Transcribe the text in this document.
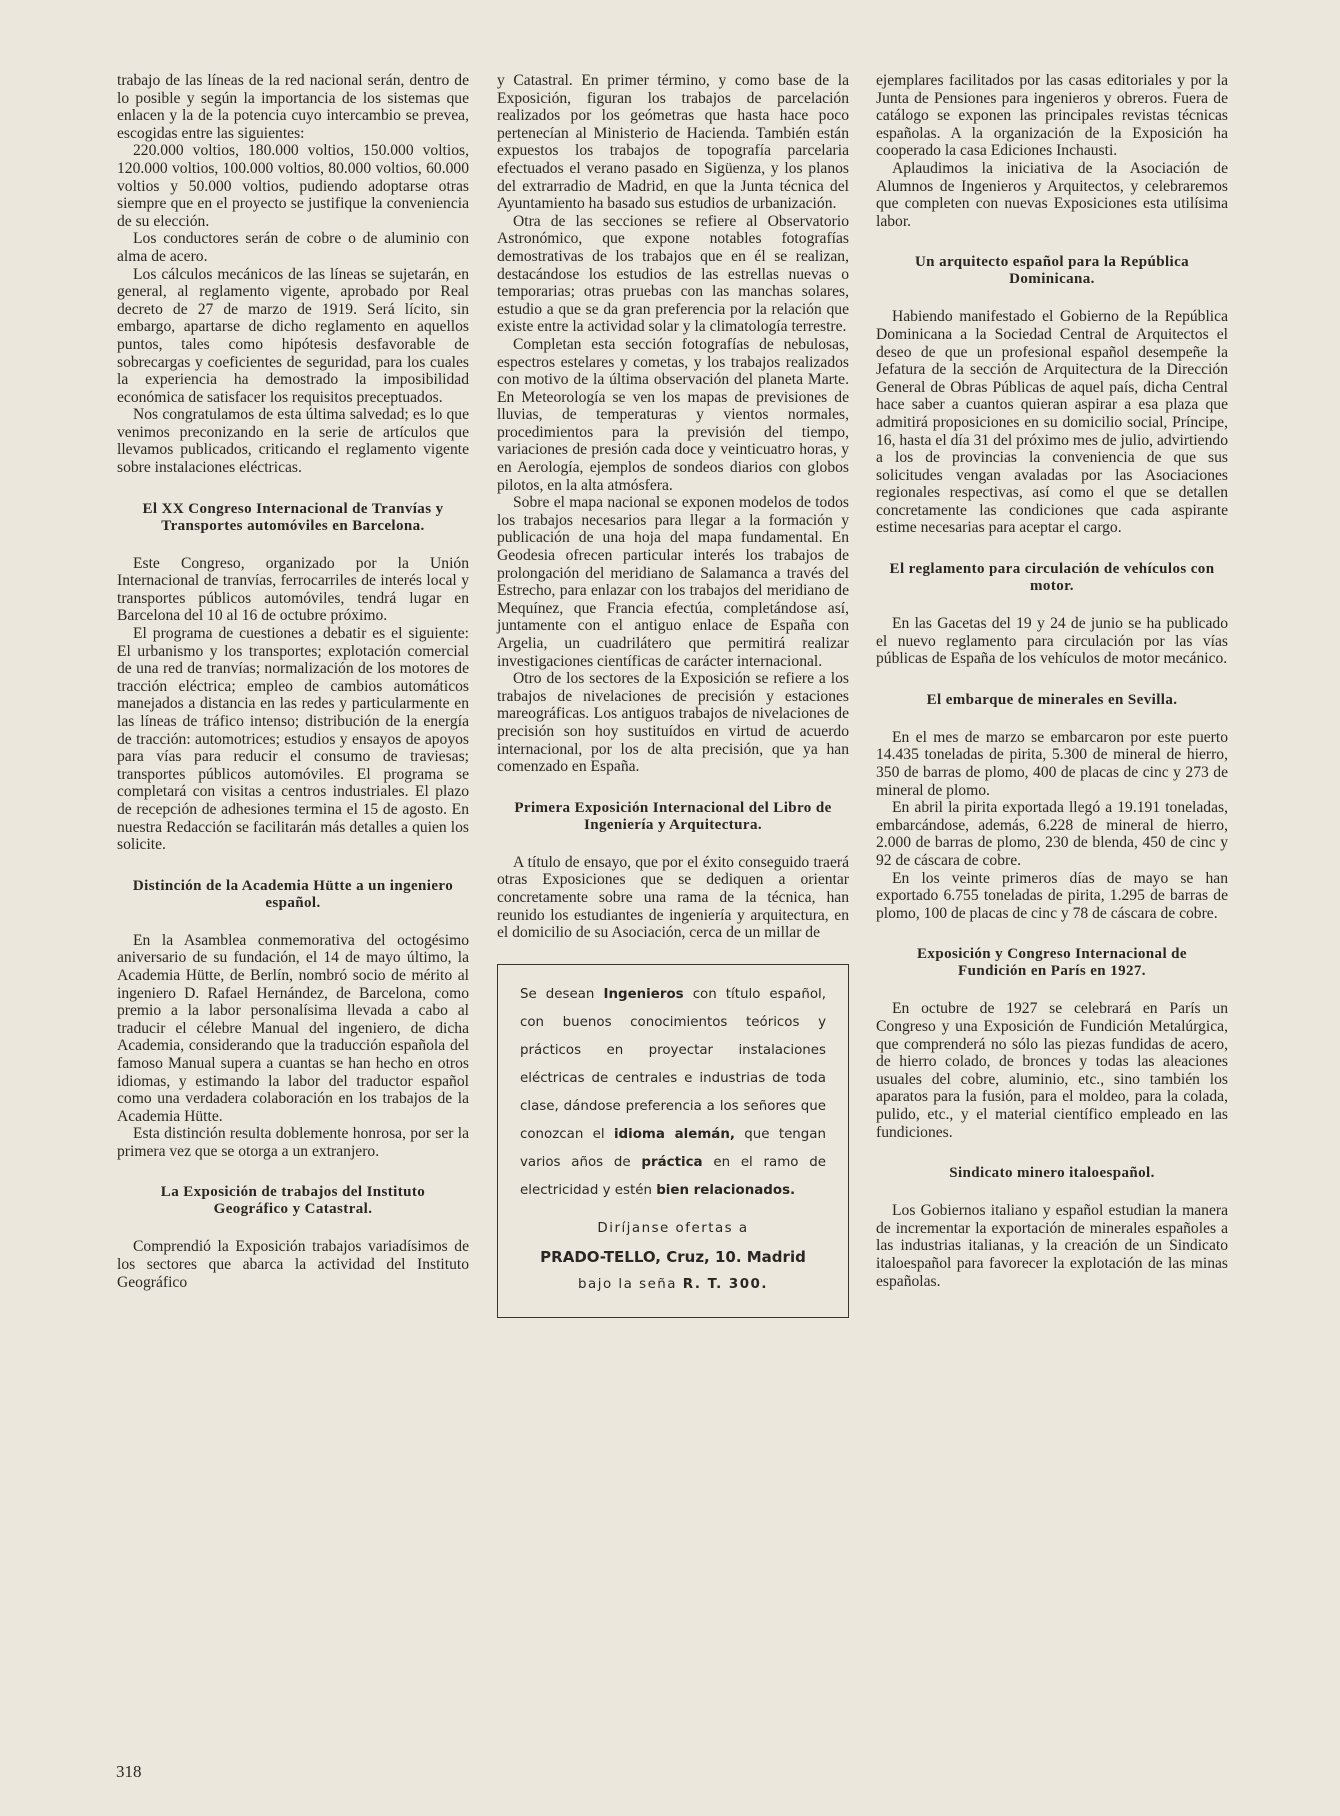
trabajo de las líneas de la red nacional serán, dentro de lo posible y según la importancia de los sistemas que enlacen y la de la potencia cuyo intercambio se prevea, escogidas entre las siguientes:

220.000 voltios, 180.000 voltios, 150.000 voltios, 120.000 voltios, 100.000 voltios, 80.000 voltios, 60.000 voltios y 50.000 voltios, pudiendo adoptarse otras siempre que en el proyecto se justifique la conveniencia de su elección.

Los conductores serán de cobre o de aluminio con alma de acero.

Los cálculos mecánicos de las líneas se sujetarán, en general, al reglamento vigente, aprobado por Real decreto de 27 de marzo de 1919. Será lícito, sin embargo, apartarse de dicho reglamento en aquellos puntos, tales como hipótesis desfavorable de sobrecargas y coeficientes de seguridad, para los cuales la experiencia ha demostrado la imposibilidad económica de satisfacer los requisitos preceptuados.

Nos congratulamos de esta última salvedad; es lo que venimos preconizando en la serie de artículos que llevamos publicados, criticando el reglamento vigente sobre instalaciones eléctricas.

El XX Congreso Internacional de Tranvías y Transportes automóviles en Barcelona.

Este Congreso, organizado por la Unión Internacional de tranvías, ferrocarriles de interés local y transportes públicos automóviles, tendrá lugar en Barcelona del 10 al 16 de octubre próximo.

El programa de cuestiones a debatir es el siguiente: El urbanismo y los transportes; explotación comercial de una red de tranvías; normalización de los motores de tracción eléctrica; empleo de cambios automáticos manejados a distancia en las redes y particularmente en las líneas de tráfico intenso; distribución de la energía de tracción: automotrices; estudios y ensayos de apoyos para vías para reducir el consumo de traviesas; transportes públicos automóviles. El programa se completará con visitas a centros industriales. El plazo de recepción de adhesiones termina el 15 de agosto. En nuestra Redacción se facilitarán más detalles a quien los solicite.

Distinción de la Academia Hütte a un ingeniero español.

En la Asamblea conmemorativa del octogésimo aniversario de su fundación, el 14 de mayo último, la Academia Hütte, de Berlín, nombró socio de mérito al ingeniero D. Rafael Hernández, de Barcelona, como premio a la labor personalísima llevada a cabo al traducir el célebre Manual del ingeniero, de dicha Academia, considerando que la traducción española del famoso Manual supera a cuantas se han hecho en otros idiomas, y estimando la labor del traductor español como una verdadera colaboración en los trabajos de la Academia Hütte.

Esta distinción resulta doblemente honrosa, por ser la primera vez que se otorga a un extranjero.

La Exposición de trabajos del Instituto Geográfico y Catastral.

Comprendió la Exposición trabajos variadísimos de los sectores que abarca la actividad del Instituto Geográfico

y Catastral. En primer término, y como base de la Exposición, figuran los trabajos de parcelación realizados por los geómetras que hasta hace poco pertenecían al Ministerio de Hacienda. También están expuestos los trabajos de topografía parcelaria efectuados el verano pasado en Sigüenza, y los planos del extrarradio de Madrid, en que la Junta técnica del Ayuntamiento ha basado sus estudios de urbanización.

Otra de las secciones se refiere al Observatorio Astronómico, que expone notables fotografías demostrativas de los trabajos que en él se realizan, destacándose los estudios de las estrellas nuevas o temporarias; otras pruebas con las manchas solares, estudio a que se da gran preferencia por la relación que existe entre la actividad solar y la climatología terrestre.

Completan esta sección fotografías de nebulosas, espectros estelares y cometas, y los trabajos realizados con motivo de la última observación del planeta Marte. En Meteorología se ven los mapas de previsiones de lluvias, de temperaturas y vientos normales, procedimientos para la previsión del tiempo, variaciones de presión cada doce y veinticuatro horas, y en Aerología, ejemplos de sondeos diarios con globos pilotos, en la alta atmósfera.

Sobre el mapa nacional se exponen modelos de todos los trabajos necesarios para llegar a la formación y publicación de una hoja del mapa fundamental. En Geodesia ofrecen particular interés los trabajos de prolongación del meridiano de Salamanca a través del Estrecho, para enlazar con los trabajos del meridiano de Mequínez, que Francia efectúa, completándose así, juntamente con el antiguo enlace de España con Argelia, un cuadrilátero que permitirá realizar investigaciones científicas de carácter internacional.

Otro de los sectores de la Exposición se refiere a los trabajos de nivelaciones de precisión y estaciones mareográficas. Los antiguos trabajos de nivelaciones de precisión son hoy sustituídos en virtud de acuerdo internacional, por los de alta precisión, que ya han comenzado en España.

Primera Exposición Internacional del Libro de Ingeniería y Arquitectura.

A título de ensayo, que por el éxito conseguido traerá otras Exposiciones que se dediquen a orientar concretamente sobre una rama de la técnica, han reunido los estudiantes de ingeniería y arquitectura, en el domicilio de su Asociación, cerca de un millar de

Se desean Ingenieros con título español, con buenos conocimientos teóricos y prácticos en proyectar instalaciones eléctricas de centrales e industrias de toda clase, dándose preferencia a los señores que conozcan el idioma alemán, que tengan varios años de práctica en el ramo de electricidad y estén bien relacionados.
Diríjanse ofertas a
PRADO-TELLO, Cruz, 10. Madrid
bajo la seña R. T. 300.

ejemplares facilitados por las casas editoriales y por la Junta de Pensiones para ingenieros y obreros. Fuera de catálogo se exponen las principales revistas técnicas españolas. A la organización de la Exposición ha cooperado la casa Ediciones Inchausti.

Aplaudimos la iniciativa de la Asociación de Alumnos de Ingenieros y Arquitectos, y celebraremos que completen con nuevas Exposiciones esta utilísima labor.

Un arquitecto español para la República Dominicana.

Habiendo manifestado el Gobierno de la República Dominicana a la Sociedad Central de Arquitectos el deseo de que un profesional español desempeñe la Jefatura de la sección de Arquitectura de la Dirección General de Obras Públicas de aquel país, dicha Central hace saber a cuantos quieran aspirar a esa plaza que admitirá proposiciones en su domicilio social, Príncipe, 16, hasta el día 31 del próximo mes de julio, advirtiendo a los de provincias la conveniencia de que sus solicitudes vengan avaladas por las Asociaciones regionales respectivas, así como el que se detallen concretamente las condiciones que cada aspirante estime necesarias para aceptar el cargo.

El reglamento para circulación de vehículos con motor.

En las Gacetas del 19 y 24 de junio se ha publicado el nuevo reglamento para circulación por las vías públicas de España de los vehículos de motor mecánico.

El embarque de minerales en Sevilla.

En el mes de marzo se embarcaron por este puerto 14.435 toneladas de pirita, 5.300 de mineral de hierro, 350 de barras de plomo, 400 de placas de cinc y 273 de mineral de plomo.

En abril la pirita exportada llegó a 19.191 toneladas, embarcándose, además, 6.228 de mineral de hierro, 2.000 de barras de plomo, 230 de blenda, 450 de cinc y 92 de cáscara de cobre.

En los veinte primeros días de mayo se han exportado 6.755 toneladas de pirita, 1.295 de barras de plomo, 100 de placas de cinc y 78 de cáscara de cobre.

Exposición y Congreso Internacional de Fundición en París en 1927.

En octubre de 1927 se celebrará en París un Congreso y una Exposición de Fundición Metalúrgica, que comprenderá no sólo las piezas fundidas de acero, de hierro colado, de bronces y todas las aleaciones usuales del cobre, aluminio, etc., sino también los aparatos para la fusión, para el moldeo, para la colada, pulido, etc., y el material científico empleado en las fundiciones.

Sindicato minero italoespañol.

Los Gobiernos italiano y español estudian la manera de incrementar la exportación de minerales españoles a las industrias italianas, y la creación de un Sindicato italoespañol para favorecer la explotación de las minas españolas.

318
